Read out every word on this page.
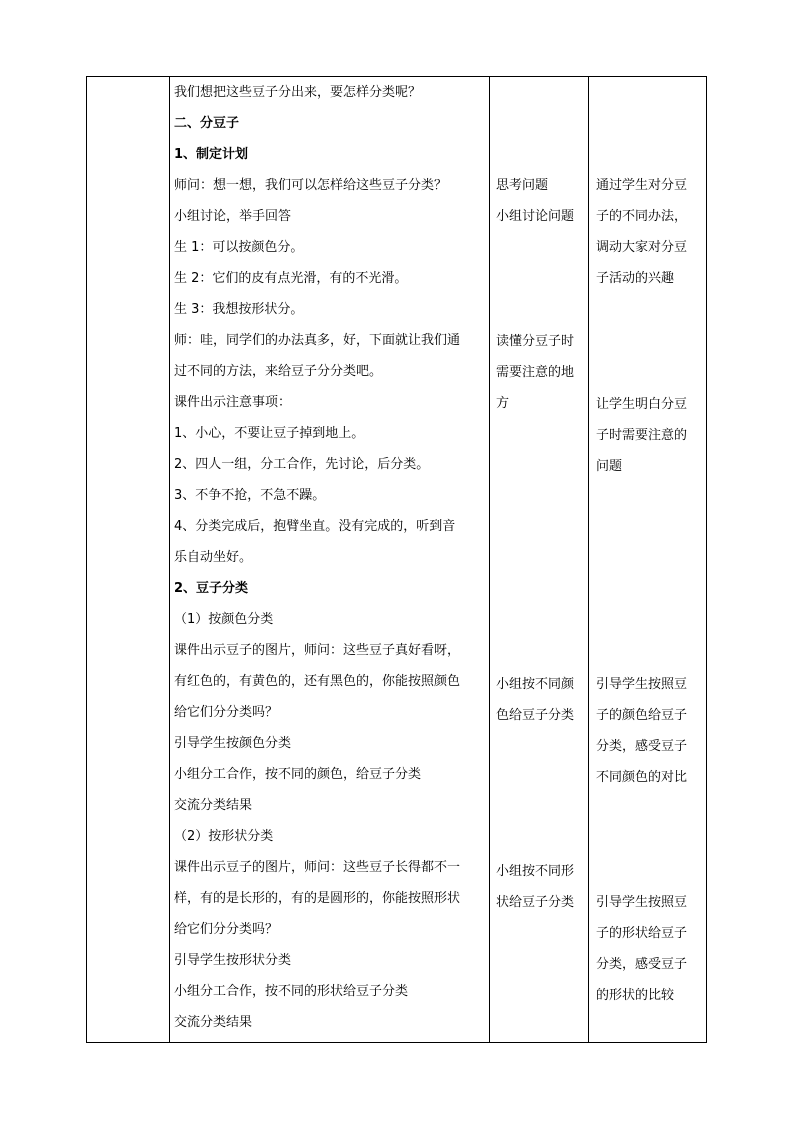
我们想把这些豆子分出来，要怎样分类呢？
二、分豆子
1、制定计划
师问：想一想，我们可以怎样给这些豆子分类？
小组讨论，举手回答
生 1：可以按颜色分。
生 2：它们的皮有点光滑，有的不光滑。
生 3：我想按形状分。
师：哇，同学们的办法真多，好，下面就让我们通
过不同的方法，来给豆子分分类吧。
课件出示注意事项：
1、小心，不要让豆子掉到地上。
2、四人一组，分工合作，先讨论，后分类。
3、不争不抢，不急不躁。
4、分类完成后，抱臂坐直。没有完成的，听到音
乐自动坐好。
2、豆子分类
（1）按颜色分类
课件出示豆子的图片，师问：这些豆子真好看呀，
有红色的，有黄色的，还有黑色的，你能按照颜色
给它们分分类吗？
引导学生按颜色分类
小组分工合作，按不同的颜色，给豆子分类
交流分类结果
（2）按形状分类
课件出示豆子的图片，师问：这些豆子长得都不一
样，有的是长形的，有的是圆形的，你能按照形状
给它们分分类吗？
引导学生按形状分类
小组分工合作，按不同的形状给豆子分类
交流分类结果
思考问题
小组讨论问题
读懂分豆子时
需要注意的地
方
小组按不同颜
色给豆子分类
小组按不同形
状给豆子分类
通过学生对分豆
子的不同办法，
调动大家对分豆
子活动的兴趣
让学生明白分豆
子时需要注意的
问题
引导学生按照豆
子的颜色给豆子
分类，感受豆子
不同颜色的对比
引导学生按照豆
子的形状给豆子
分类，感受豆子
的形状的比较
